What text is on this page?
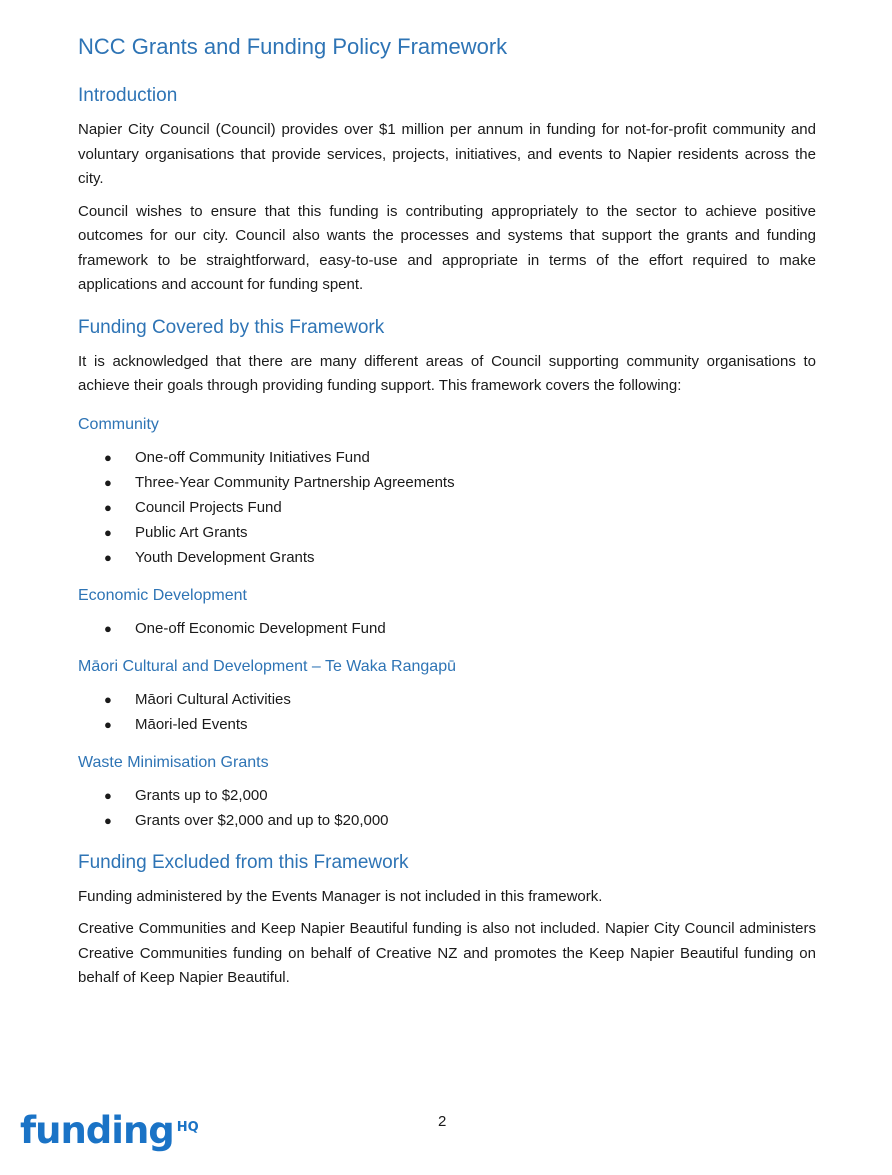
NCC Grants and Funding Policy Framework
Introduction

Napier City Council (Council) provides over $1 million per annum in funding for not-for-profit community and voluntary organisations that provide services, projects, initiatives, and events to Napier residents across the city.

Council wishes to ensure that this funding is contributing appropriately to the sector to achieve positive outcomes for our city. Council also wants the processes and systems that support the grants and funding framework to be straightforward, easy-to-use and appropriate in terms of the effort required to make applications and account for funding spent.

Funding Covered by this Framework

It is acknowledged that there are many different areas of Council supporting community organisations to achieve their goals through providing funding support. This framework covers the following:

Community
● One-off Community Initiatives Fund
● Three-Year Community Partnership Agreements
● Council Projects Fund
● Public Art Grants
● Youth Development Grants
Economic Development
● One-off Economic Development Fund
Māori Cultural and Development – Te Waka Rangapū
● Māori Cultural Activities
● Māori-led Events
Waste Minimisation Grants
● Grants up to $2,000
● Grants over $2,000 and up to $20,000
Funding Excluded from this Framework

Funding administered by the Events Manager is not included in this framework.

Creative Communities and Keep Napier Beautiful funding is also not included. Napier City Council administers Creative Communities funding on behalf of Creative NZ and promotes the Keep Napier Beautiful funding on behalf of Keep Napier Beautiful.

funding HQ	2
